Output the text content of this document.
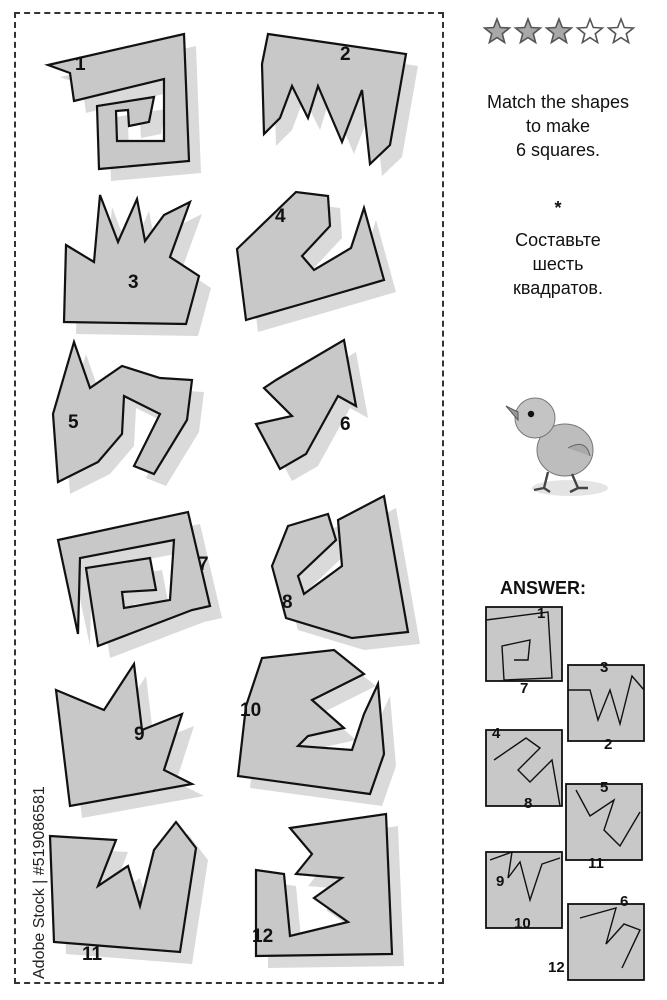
1	2
3
4
5	6
7
8
9
10
11
12
1
7
3
2
4
8
5
11
9
10
6
12
Match the shapes
to make
6 squares.
*
Составьте
шесть
квадратов.
ANSWER:
Adobe Stock | #519086581
